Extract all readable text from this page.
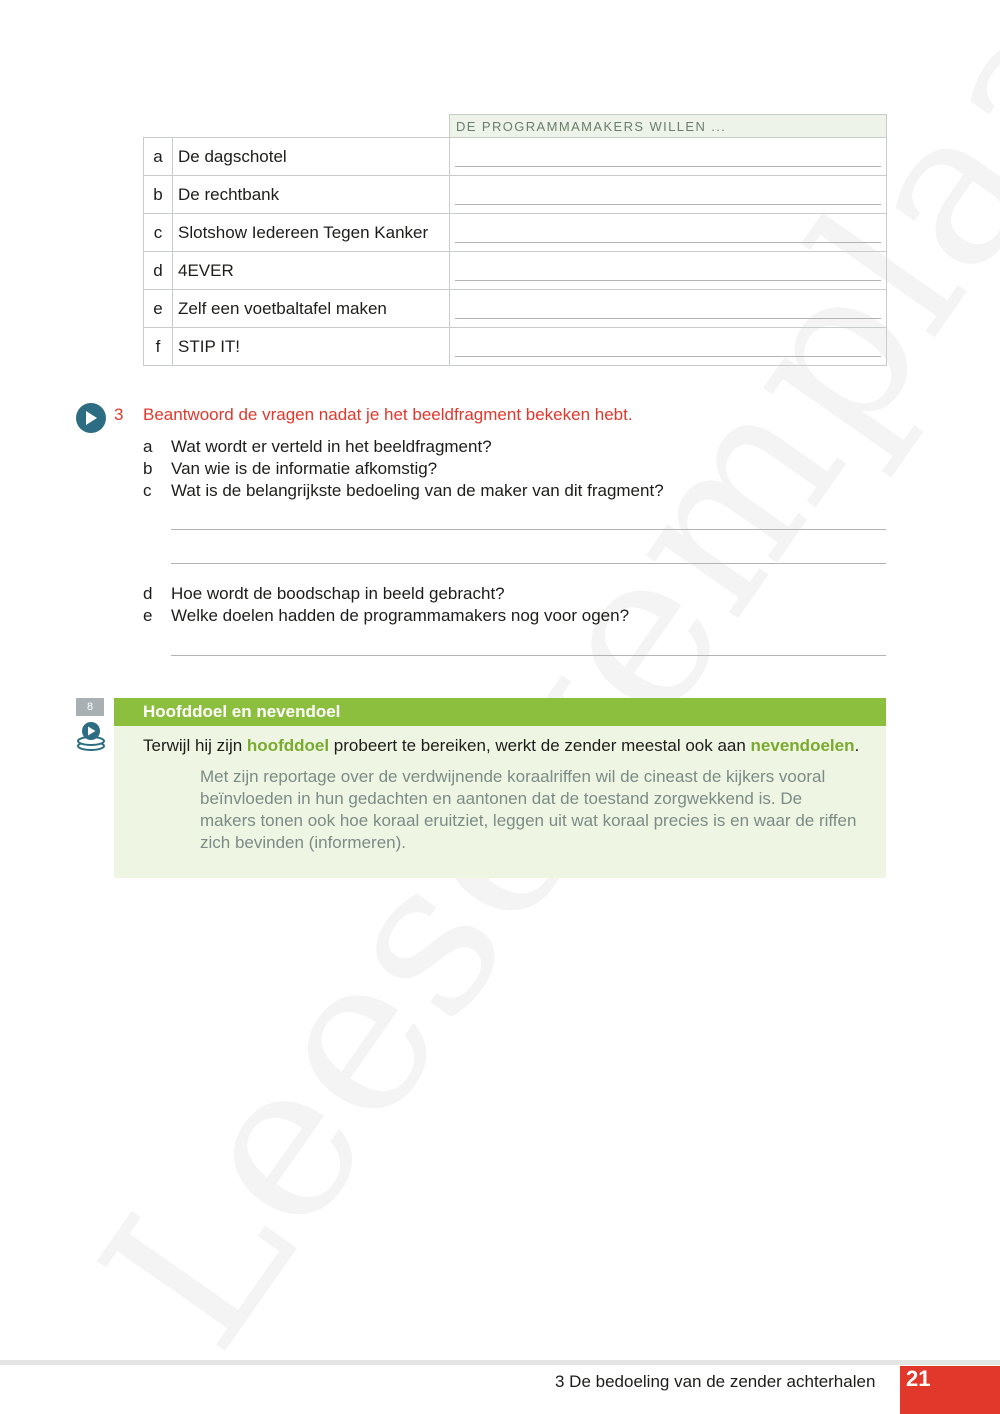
		DE PROGRAMMAMAKERS WILLEN ...
a	De dagschotel	

b	De rechtbank	

c	Slotshow Iedereen Tegen Kanker	

d	4EVER	

e	Zelf een voetbaltafel maken	

f	STIP IT!	
3 Beantwoord de vragen nadat je het beeldfragment bekeken hebt.
a	Wat wordt er verteld in het beeldfragment?
b	Van wie is de informatie afkomstig?
c	Wat is de belangrijkste bedoeling van de maker van dit fragment?
d	Hoe wordt de boodschap in beeld gebracht?
e	Welke doelen hadden de programmamakers nog voor ogen?
8	Hoofddoel en nevendoel
Terwijl hij zijn hoofddoel probeert te bereiken, werkt de zender meestal ook aan nevendoelen.
Met zijn reportage over de verdwijnende koraalriffen wil de cineast de kijkers vooral beïnvloeden in hun gedachten en aantonen dat de toestand zorgwekkend is. De makers tonen ook hoe koraal eruitziet, leggen uit wat koraal precies is en waar de riffen zich bevinden (informeren).
3 De bedoeling van de zender achterhalen 21
